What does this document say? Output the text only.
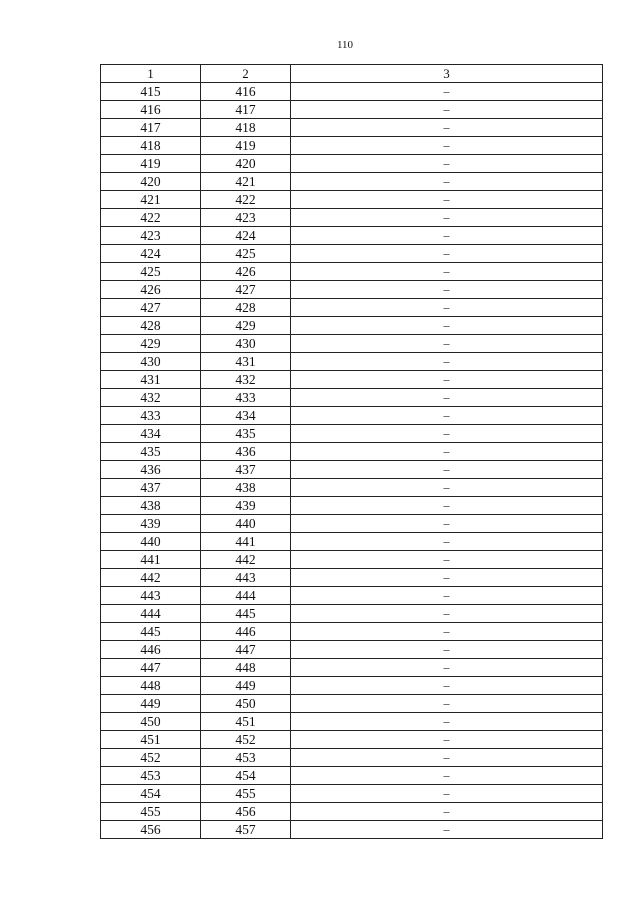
110
1	2	3
415	416	–
416	417	–
417	418	–
418	419	–
419	420	–
420	421	–
421	422	–
422	423	–
423	424	–
424	425	–
425	426	–
426	427	–
427	428	–
428	429	–
429	430	–
430	431	–
431	432	–
432	433	–
433	434	–
434	435	–
435	436	–
436	437	–
437	438	–
438	439	–
439	440	–
440	441	–
441	442	–
442	443	–
443	444	–
444	445	–
445	446	–
446	447	–
447	448	–
448	449	–
449	450	–
450	451	–
451	452	–
452	453	–
453	454	–
454	455	–
455	456	–
456	457	–
